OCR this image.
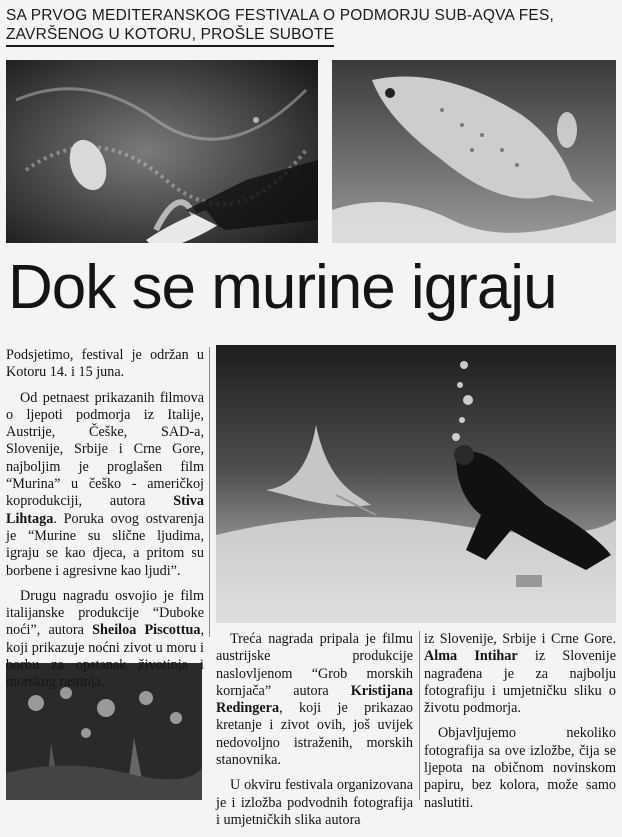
SA PRVOG MEDITERANSKOG FESTIVALA O PODMORJU SUB-AQVA FES,
ZAVRŠENOG U KOTORU, PROŠLE SUBOTE
Dok se murine igraju

Podsjetimo, festival je održan u Kotoru 14. i 15 juna.

Od petnaest prikazanih filmova o ljepoti podmorja iz Italije, Austrije, Češke, SAD-a, Slovenije, Srbije i Crne Gore, najboljim je proglašen film “Murina” u češko - američkoj koprodukciji, autora Stiva Lihtaga. Poruka ovog ostvarenja je “Murine su slične ljudima, igraju se kao djeca, a pritom su borbene i agresivne kao ljudi”.

Drugu nagradu osvojio je film italijanske produkcije “Duboke noći”, autora Sheiloa Piscottua, koji prikazuje noćni zivot u moru i borbu za opstanak životinja i morskog rastinja.

Treća nagrada pripala je filmu austrijske produkcije naslovljenom “Grob morskih kornjača” autora Kristijana Redingera, koji je prikazao kretanje i zivot ovih, još uvijek nedovoljno istraženih, morskih stanovnika.

U okviru festivala organizovana je i izložba podvodnih fotografija i umjetničkih slika autora

iz Slovenije, Srbije i Crne Gore. Alma Intihar iz Slovenije nagrađena je za najbolju fotografiju i umjetničku sliku o životu podmorja.

Objavljujemo nekoliko fotografija sa ove izložbe, čija se ljepota na običnom novinskom papiru, bez kolora, može samo naslutiti.
